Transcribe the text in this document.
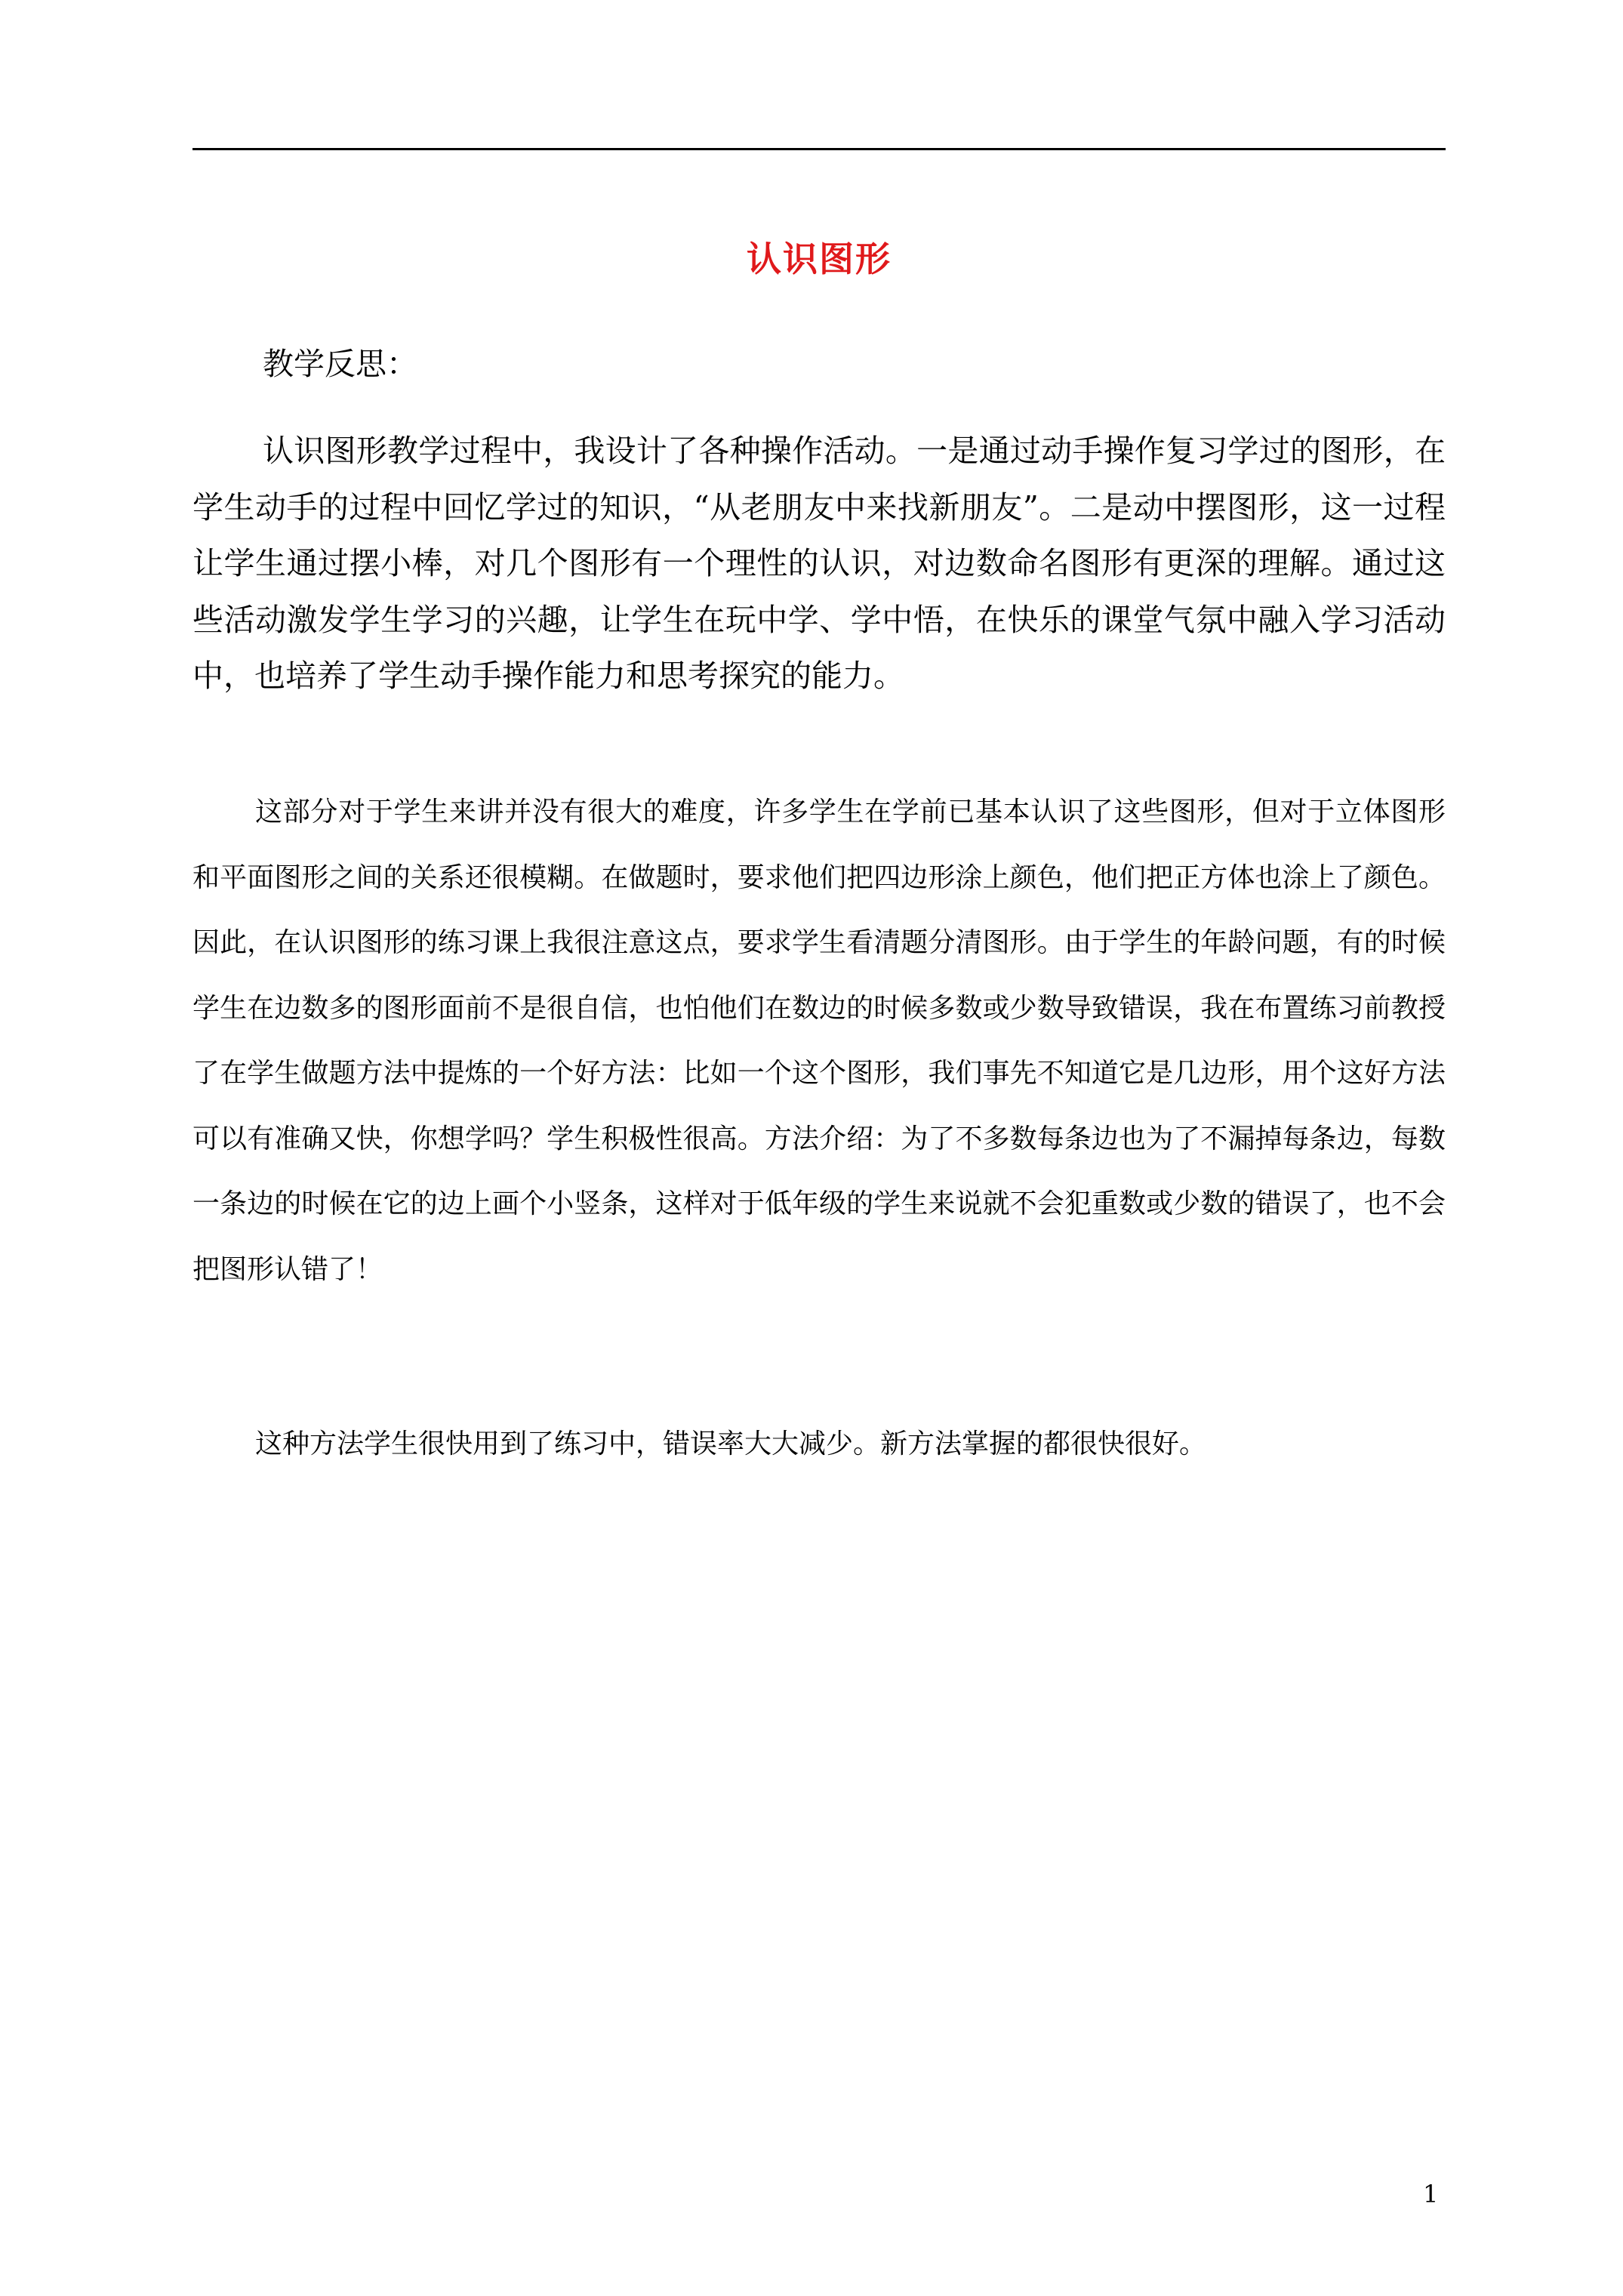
认识图形
教学反思：

认识图形教学过程中，我设计了各种操作活动。一是通过动手操作复习学过的图形，在学生动手的过程中回忆学过的知识，“从老朋友中来找新朋友”。二是动中摆图形，这一过程让学生通过摆小棒，对几个图形有一个理性的认识，对边数命名图形有更深的理解。通过这些活动激发学生学习的兴趣，让学生在玩中学、学中悟，在快乐的课堂气氛中融入学习活动中，也培养了学生动手操作能力和思考探究的能力。

这部分对于学生来讲并没有很大的难度，许多学生在学前已基本认识了这些图形，但对于立体图形和平面图形之间的关系还很模糊。在做题时，要求他们把四边形涂上颜色，他们把正方体也涂上了颜色。因此，在认识图形的练习课上我很注意这点，要求学生看清题分清图形。由于学生的年龄问题，有的时候学生在边数多的图形面前不是很自信，也怕他们在数边的时候多数或少数导致错误，我在布置练习前教授了在学生做题方法中提炼的一个好方法：比如一个这个图形，我们事先不知道它是几边形，用个这好方法可以有准确又快，你想学吗？学生积极性很高。方法介绍：为了不多数每条边也为了不漏掉每条边，每数一条边的时候在它的边上画个小竖条，这样对于低年级的学生来说就不会犯重数或少数的错误了，也不会把图形认错了！

这种方法学生很快用到了练习中，错误率大大减少。新方法掌握的都很快很好。

1
